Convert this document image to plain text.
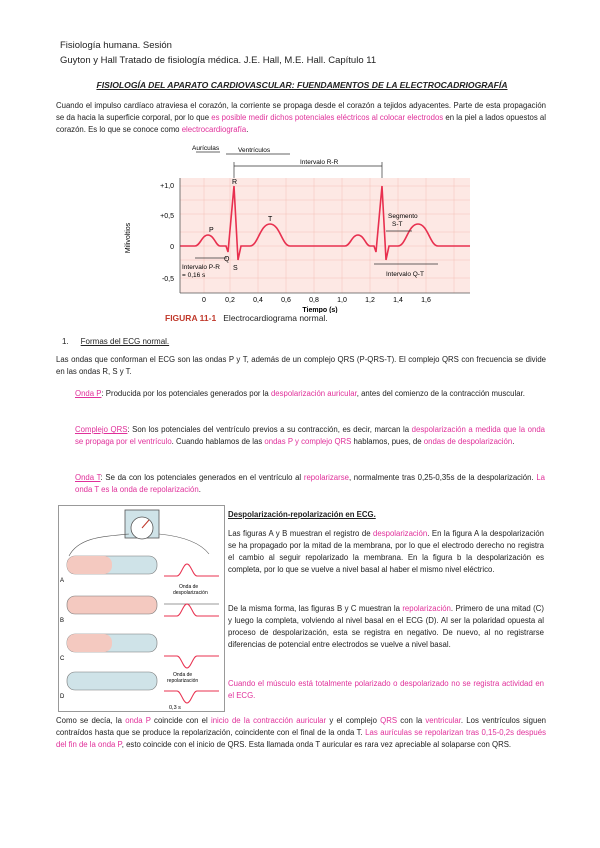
Fisiología humana. Sesión
Guyton y Hall Tratado de fisiología médica. J.E. Hall, M.E. Hall. Capítulo 11
FISIOLOGÍA DEL APARATO CARDIOVASCULAR: FUENDAMENTOS DE LA ELECTROCADRIOGRAFÍA
Cuando el impulso cardíaco atraviesa el corazón, la corriente se propaga desde el corazón a tejidos adyacentes. Parte de esta propagación se da hacia la superficie corporal, por lo que es posible medir dichos potenciales eléctricos al colocar electrodos en la piel a lados opuestos al corazón. Es lo que se conoce como electrocardiografía.
+1,0
+0,5
0
-0,5
Milivoltios
0	0,2	0,4	0,6	0,8	1,0	1,2	1,4	1,6
Tiempo (s)
P
Q
R
S
T
Aurículas	Ventrículos
Intervalo R-R
Segmento
S-T
Intervalo P-R
= 0,16 s	Intervalo Q-T
FIGURA 11-1 Electrocardiograma normal.
1. Formas del ECG normal.
Las ondas que conforman el ECG son las ondas P y T, además de un complejo QRS (P-QRS-T). El complejo QRS con frecuencia se divide en las ondas R, S y T.
Onda P: Producida por los potenciales generados por la despolarización auricular, antes del comienzo de la contracción muscular.
Complejo QRS: Son los potenciales del ventrículo previos a su contracción, es decir, marcan la despolarización a medida que la onda se propaga por el ventrículo. Cuando hablamos de las ondas P y complejo QRS hablamos, pues, de ondas de despolarización.
Onda T: Se da con los potenciales generados en el ventrículo al repolarizarse, normalmente tras 0,25-0,35s de la despolarización. La onda T es la onda de repolarización.
A
B
C
D
Onda de
despolarización
Onda de
repolarización
0,3 s
Despolarización-repolarización en ECG.
Las figuras A y B muestran el registro de despolarización. En la figura A la despolarización se ha propagado por la mitad de la membrana, por lo que el electrodo derecho no registra el cambio al seguir repolarizado la membrana. En la figura b la despolarización es completa, por lo que se vuelve a nivel basal al haber el mismo nivel eléctrico.
De la misma forma, las figuras B y C muestran la repolarización. Primero de una mitad (C) y luego la completa, volviendo al nivel basal en el ECG (D). Al ser la polaridad opuesta al proceso de despolarización, esta se registra en negativo. De nuevo, al no registrarse diferencias de potencial entre electrodos se vuelve a nivel basal.
Cuando el músculo está totalmente polarizado o despolarizado no se registra actividad en el ECG.
Como se decía, la onda P coincide con el inicio de la contracción auricular y el complejo QRS con la ventricular. Los ventrículos siguen contraídos hasta que se produce la repolarización, coincidente con el final de la onda T. Las aurículas se repolarizan tras 0,15-0,2s después del fin de la onda P, esto coincide con el inicio de QRS. Esta llamada onda T auricular es rara vez apreciable al solaparse con QRS.
